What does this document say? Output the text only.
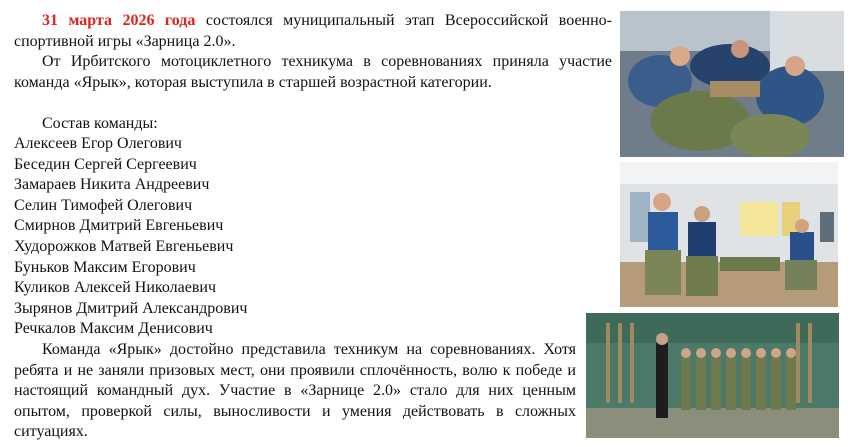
31 марта 2026 года состоялся муниципальный этап Всероссийской военно-спортивной игры «Зарница 2.0».

От Ирбитского мотоциклетного техникума в соревнованиях приняла участие команда «Ярык», которая выступила в старшей возрастной категории.

Состав команды:

Алексеев Егор Олегович
Беседин Сергей Сергеевич
Замараев Никита Андреевич
Селин Тимофей Олегович
Смирнов Дмитрий Евгеньевич
Худорожков Матвей Евгеньевич
Буньков Максим Егорович
Куликов Алексей Николаевич
Зырянов Дмитрий Александрович
Речкалов Максим Денисович

Команда «Ярык» достойно представила техникум на соревнованиях. Хотя ребята и не заняли призовых мест, они проявили сплочённость, волю к победе и настоящий командный дух. Участие в «Зарнице 2.0» стало для них ценным опытом, проверкой силы, выносливости и умения действовать в сложных ситуациях.
